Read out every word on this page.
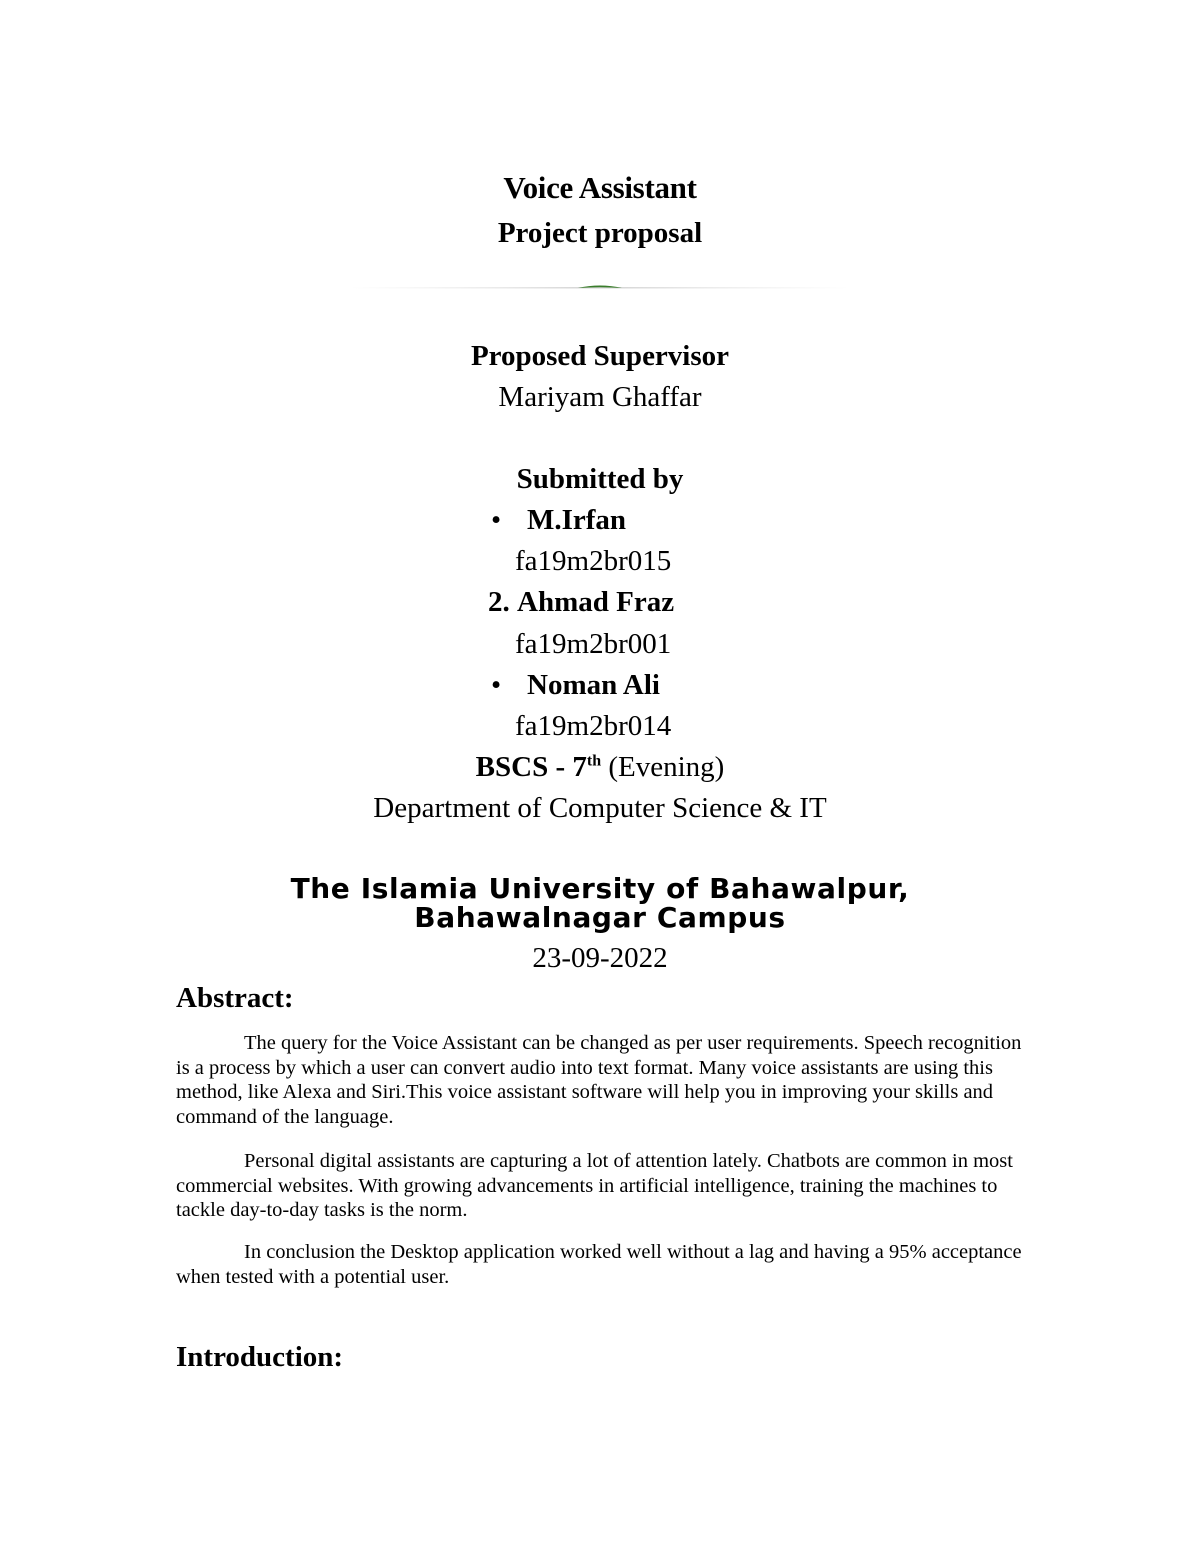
Voice Assistant
Project proposal
Proposed Supervisor
Mariyam Ghaffar
Submitted by
• M.Irfan
fa19m2br015
2. Ahmad Fraz
fa19m2br001
• Noman Ali
fa19m2br014
BSCS - 7th (Evening)
Department of Computer Science & IT
The Islamia University of Bahawalpur,
Bahawalnagar Campus
23-09-2022
Abstract:

The query for the Voice Assistant can be changed as per user requirements. Speech recognition is a process by which a user can convert audio into text format. Many voice assistants are using this method, like Alexa and Siri.This voice assistant software will help you in improving your skills and command of the language.

Personal digital assistants are capturing a lot of attention lately. Chatbots are common in most commercial websites. With growing advancements in artificial intelligence, training the machines to tackle day-to-day tasks is the norm.

In conclusion the Desktop application worked well without a lag and having a 95% acceptance when tested with a potential user.

Introduction:
